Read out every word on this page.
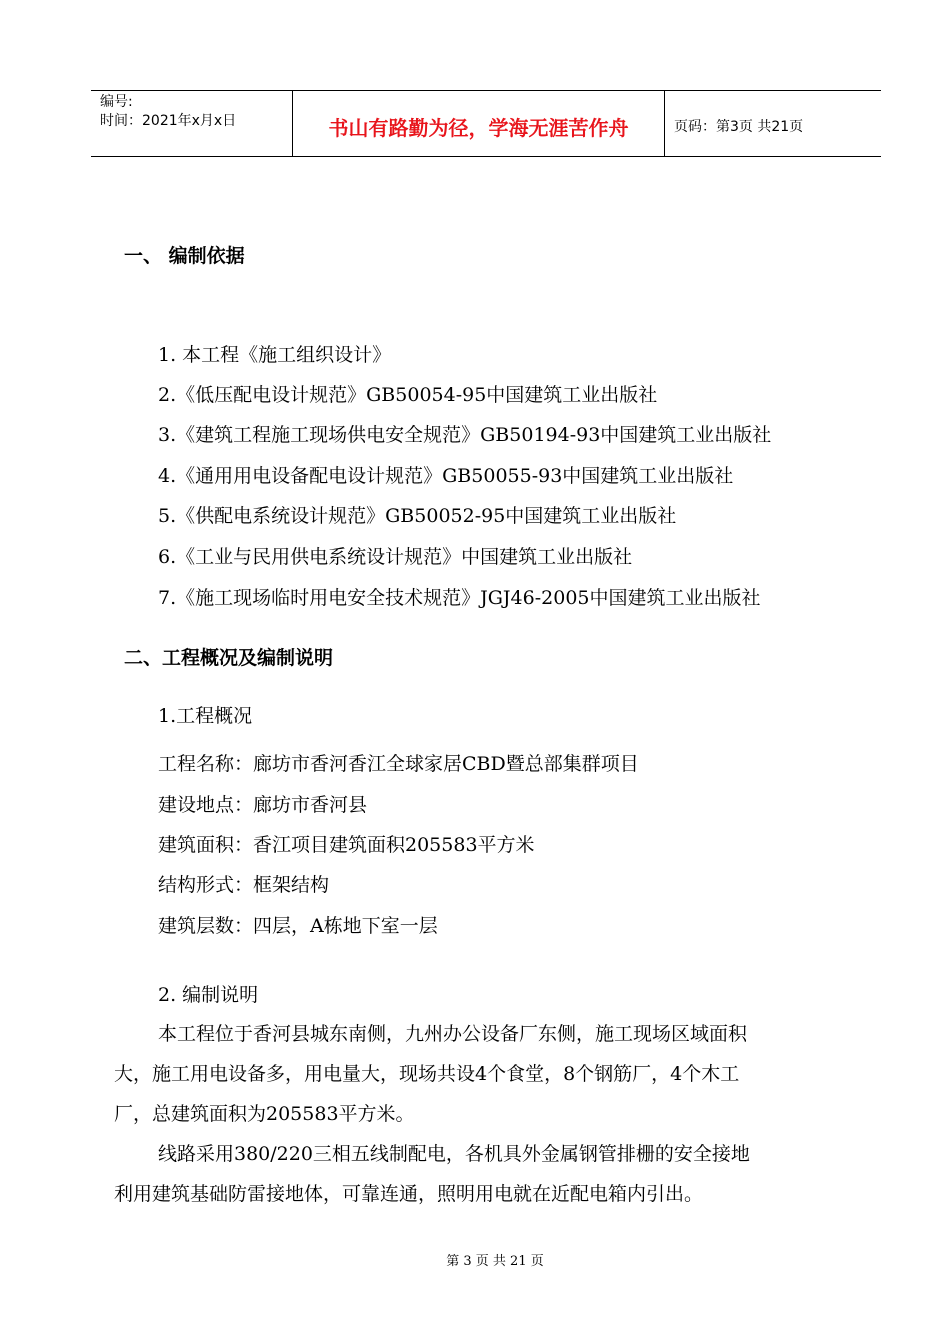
编号:
时间：2021年x月x日	书山有路勤为径，学海无涯苦作舟	页码：第3页 共21页
一、 编制依据
1. 本工程《施工组织设计》
2.《低压配电设计规范》GB50054-95中国建筑工业出版社
3.《建筑工程施工现场供电安全规范》GB50194-93中国建筑工业出版社
4.《通用用电设备配电设计规范》GB50055-93中国建筑工业出版社
5.《供配电系统设计规范》GB50052-95中国建筑工业出版社
6.《工业与民用供电系统设计规范》中国建筑工业出版社
7.《施工现场临时用电安全技术规范》JGJ46-2005中国建筑工业出版社
二、工程概况及编制说明
1.工程概况
工程名称：廊坊市香河香江全球家居CBD暨总部集群项目
建设地点：廊坊市香河县
建筑面积：香江项目建筑面积205583平方米
结构形式：框架结构
建筑层数：四层，A栋地下室一层
2. 编制说明
本工程位于香河县城东南侧，九州办公设备厂东侧，施工现场区域面积
大，施工用电设备多，用电量大，现场共设4个食堂，8个钢筋厂，4个木工
厂，总建筑面积为205583平方米。
线路采用380/220三相五线制配电，各机具外金属钢管排栅的安全接地
利用建筑基础防雷接地体，可靠连通，照明用电就在近配电箱内引出。
第 3 页 共 21 页
